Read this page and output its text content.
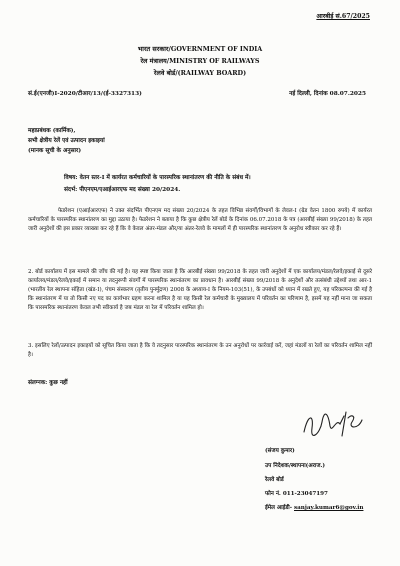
आरबीई सं.67/2025
भारत सरकार/GOVERNMENT OF INDIA
रेल मंत्रालय/MINISTRY OF RAILWAYS
रेलवे बोर्ड/(RAILWAY BOARD)
सं.ई(एनजी)I-2020/टीआर/13/(ई-3327313)	नई दिल्ली, दिनांक 08.07.2025
महाप्रबंधक (कार्मिक),
सभी क्षेत्रीय रेलें एवं उत्पादन इकाइयां
(मानक सूची के अनुसार)
विषय: वेतन स्तर-I में कार्यरत कर्मचारियों के पारस्परिक स्थानांतरण की नीति के संबंध में।
संदर्भ: पीएनएम/एआईआरएफ मद संख्या 20/2024.
फेडरेशन (एआईआरएफ) ने उक्त संदर्भित पीएनएम मद संख्या 20/2024 के तहत विभिन्न संवर्गों/विभागों के लेवल-I (ग्रेड वेतन 1800 रुपये) में कार्यरत कर्मचारियों के पारस्परिक स्थानांतरण का मुद्दा उठाया है। फेडरेशन ने बताया है कि कुछ क्षेत्रीय रेलें बोर्ड के दिनांक 06.07.2018 के पत्र (आरबीई संख्या 99/2018) के तहत जारी अनुदेशों की इस प्रकार व्याख्या कर रहे हैं कि वे केवल अंतर-मंडल और/या अंतर-रेलवे के मामलों में ही पारस्परिक स्थानांतरण के अनुरोध स्वीकार कर रहे हैं।
2. बोर्ड कार्यालय में इस मामले की जाँच की गई है। यह स्पष्ट किया जाता है कि आरबीई संख्या 99/2018 के तहत जारी अनुदेशों में एक कार्यालय/मंडल/रेलवे/इकाई से दूसरे कार्यालय/मंडल/रेलवे/इकाई में समान या तदनुरूपी संवर्गों में पारस्परिक स्थानांतरण का प्रावधान है। आरबीई संख्या 99/2018 के अनुदेशों और तत्संबंधी उद्देश्यों तथा आर-1 (भारतीय रेल स्थापना संहिता (खंड-I), पंचम संस्करण (तृतीय पुनर्मुद्रण) 2008 के अध्याय-I के नियम-103(51), के उपबंधों को ध्यान में रखते हुए, यह परिकल्पना की गई है कि स्थानांतरण में या तो किसी नए पद का कार्यभार ग्रहण करना शामिल है या यह किसी रेल कर्मचारी के मुख्यालय में परिवर्तन का परिणाम है, इसमें यह नहीं माना जा सकता कि पारस्परिक स्थानांतरण केवल तभी स्वीकार्य है जब मंडल या रेल में परिवर्तन शामिल हो।
3. इसलिए रेलों/उत्पादन इकाइयों को सूचित किया जाता है कि वे तदनुसार पारस्परिक स्थानांतरण के उन अनुरोधों पर कार्रवाई करें, जहां मंडलों या रेलों का परिवर्तन शामिल नहीं है।
संलग्नक: कुछ नहीं
(संजय कुमार)
उप निदेशक/स्थापना(अराज.)
रेलवे बोर्ड
फोन नं. 011-23047197
ईमेल आईडी- sanjay.kumar6@gov.in
